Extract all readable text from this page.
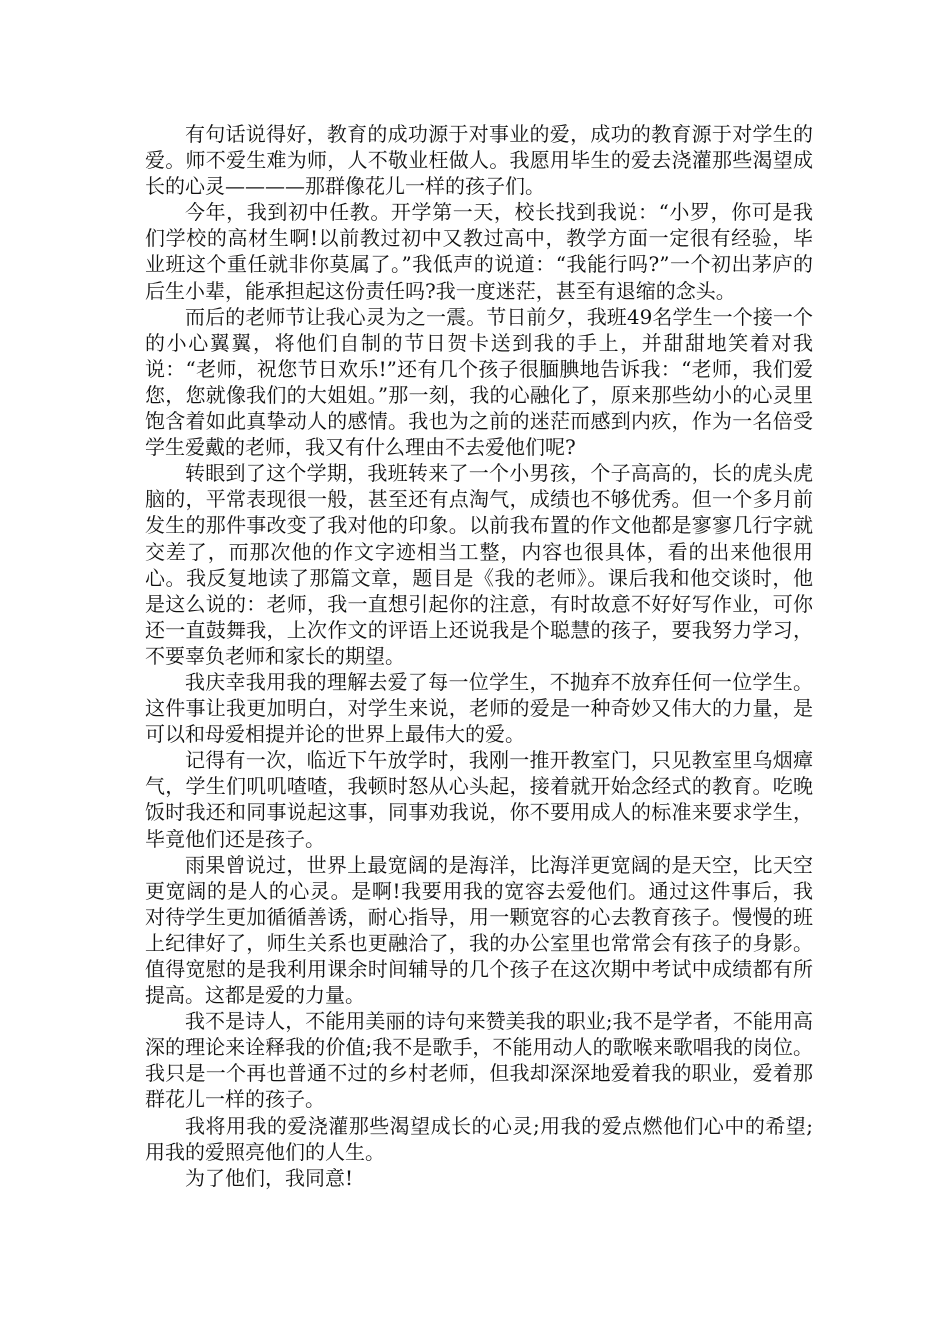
有句话说得好，教育的成功源于对事业的爱，成功的教育源于对学生的爱。师不爱生难为师，人不敬业枉做人。我愿用毕生的爱去浇灌那些渴望成长的心灵————那群像花儿一样的孩子们。

今年，我到初中任教。开学第一天，校长找到我说：“小罗，你可是我们学校的高材生啊!以前教过初中又教过高中，教学方面一定很有经验，毕业班这个重任就非你莫属了。”我低声的说道：“我能行吗?”一个初出茅庐的后生小辈，能承担起这份责任吗?我一度迷茫，甚至有退缩的念头。

而后的老师节让我心灵为之一震。节日前夕，我班49名学生一个接一个的小心翼翼，将他们自制的节日贺卡送到我的手上，并甜甜地笑着对我说：“老师，祝您节日欢乐!”还有几个孩子很腼腆地告诉我：“老师，我们爱您，您就像我们的大姐姐。”那一刻，我的心融化了，原来那些幼小的心灵里饱含着如此真挚动人的感情。我也为之前的迷茫而感到内疚，作为一名倍受学生爱戴的老师，我又有什么理由不去爱他们呢?

转眼到了这个学期，我班转来了一个小男孩，个子高高的，长的虎头虎脑的，平常表现很一般，甚至还有点淘气，成绩也不够优秀。但一个多月前发生的那件事改变了我对他的印象。以前我布置的作文他都是寥寥几行字就交差了，而那次他的作文字迹相当工整，内容也很具体，看的出来他很用心。我反复地读了那篇文章，题目是《我的老师》。课后我和他交谈时，他是这么说的：老师，我一直想引起你的注意，有时故意不好好写作业，可你还一直鼓舞我，上次作文的评语上还说我是个聪慧的孩子，要我努力学习，不要辜负老师和家长的期望。

我庆幸我用我的理解去爱了每一位学生，不抛弃不放弃任何一位学生。这件事让我更加明白，对学生来说，老师的爱是一种奇妙又伟大的力量，是可以和母爱相提并论的世界上最伟大的爱。

记得有一次，临近下午放学时，我刚一推开教室门，只见教室里乌烟瘴气，学生们叽叽喳喳，我顿时怒从心头起，接着就开始念经式的教育。吃晚饭时我还和同事说起这事，同事劝我说，你不要用成人的标准来要求学生，毕竟他们还是孩子。

雨果曾说过，世界上最宽阔的是海洋，比海洋更宽阔的是天空，比天空更宽阔的是人的心灵。是啊!我要用我的宽容去爱他们。通过这件事后，我对待学生更加循循善诱，耐心指导，用一颗宽容的心去教育孩子。慢慢的班上纪律好了，师生关系也更融洽了，我的办公室里也常常会有孩子的身影。值得宽慰的是我利用课余时间辅导的几个孩子在这次期中考试中成绩都有所提高。这都是爱的力量。

我不是诗人，不能用美丽的诗句来赞美我的职业;我不是学者，不能用高深的理论来诠释我的价值;我不是歌手，不能用动人的歌喉来歌唱我的岗位。我只是一个再也普通不过的乡村老师，但我却深深地爱着我的职业，爱着那群花儿一样的孩子。

我将用我的爱浇灌那些渴望成长的心灵;用我的爱点燃他们心中的希望;用我的爱照亮他们的人生。

为了他们，我同意!
